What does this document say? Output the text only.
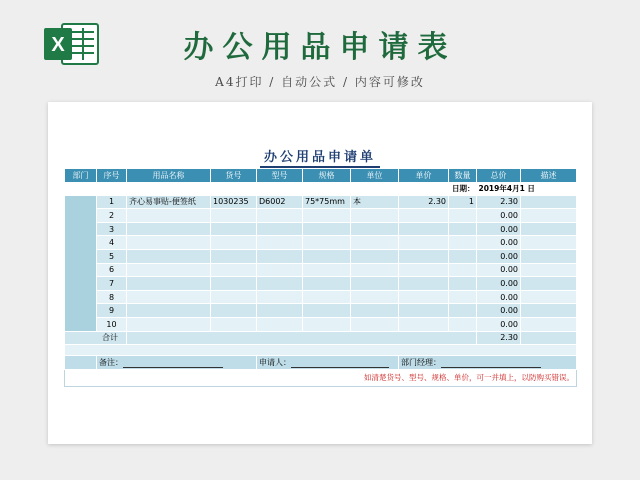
X	办公用品申请表
A4打印 / 自动公式 / 内容可修改
办公用品申请单
								日期：	2019年4月1 日	
部门	序号	用品名称	货号	型号	规格	单位	单价	数量	总价	描述
	1	齐心易事贴-便签纸	1030235	D6002	75*75mm	本	2.30	1	2.30	
	2								0.00	
	3								0.00	
	4								0.00	
	5								0.00	
	6								0.00	
	7								0.00	
	8								0.00	
	9								0.00	
	10								0.00	
合计									2.30	

	备注：			申请人：			部门经理：			
如清楚货号、型号、规格、单价，可一并填上，以防购买错误。										
